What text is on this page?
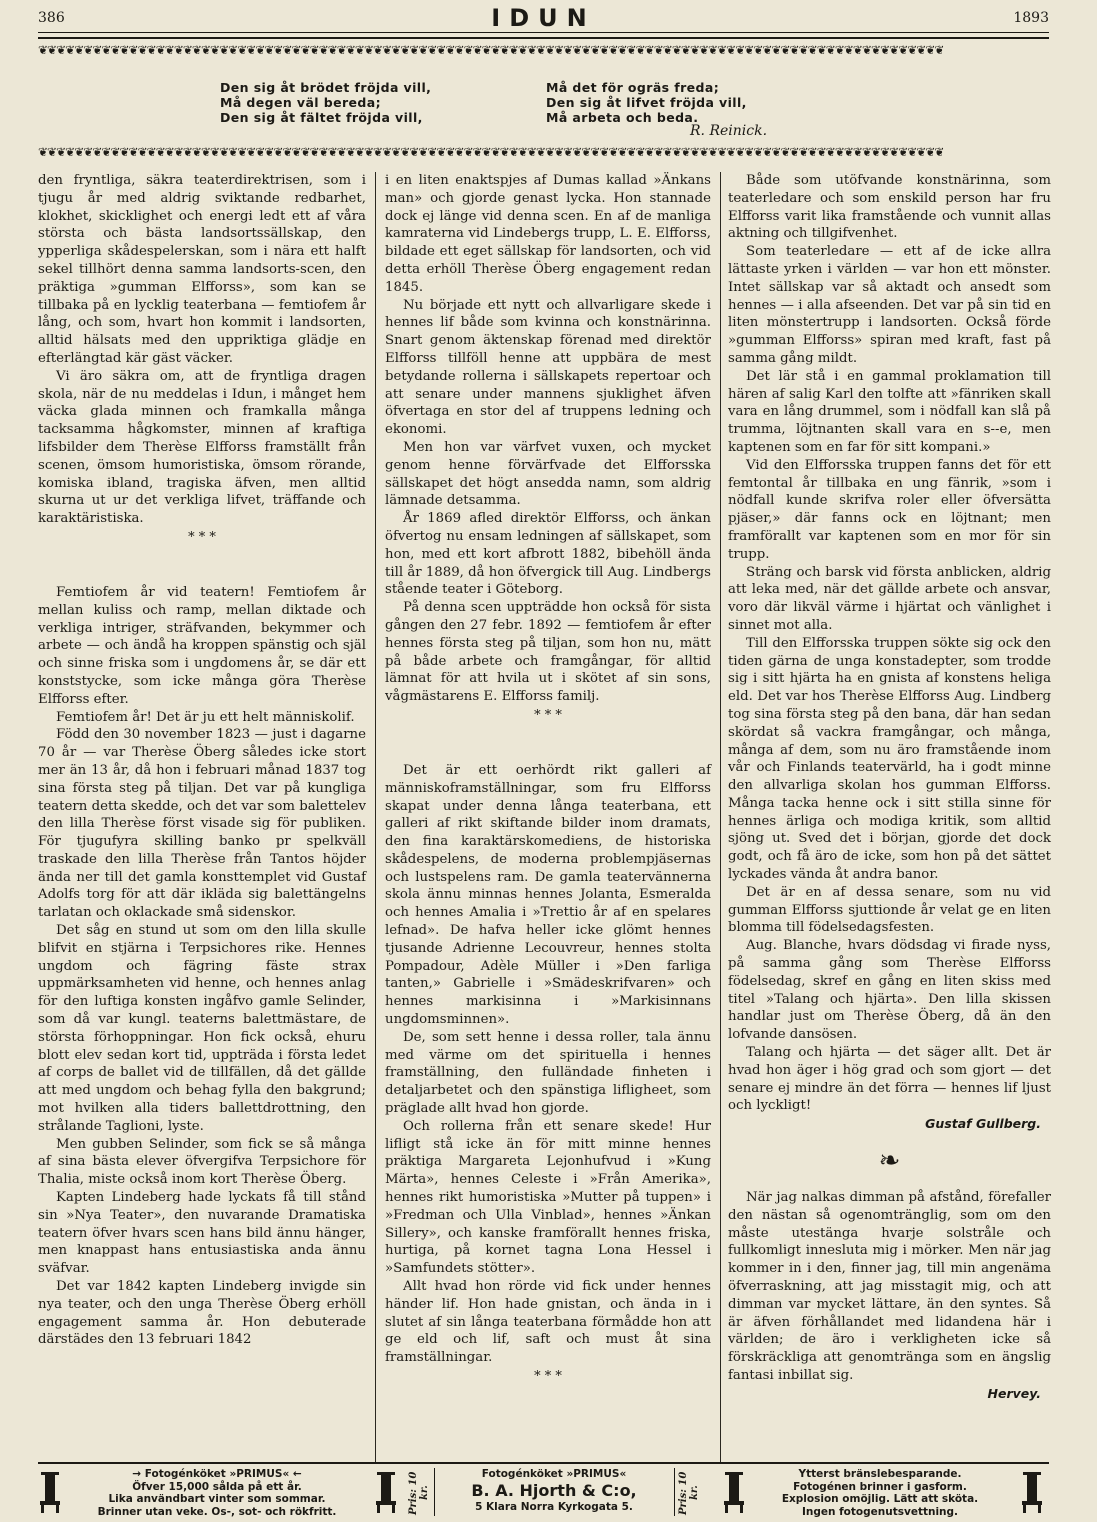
386	IDUN	1893
❦❦❦❦❦❦❦❦❦❦❦❦❦❦❦❦❦❦❦❦❦❦❦❦❦❦❦❦❦❦❦❦❦❦❦❦❦❦❦❦❦❦❦❦❦❦❦❦❦❦❦❦❦❦❦❦❦❦❦❦❦❦❦❦❦❦❦❦❦❦❦❦❦❦❦❦❦❦❦❦❦❦❦❦❦❦❦❦❦❦❦❦❦❦❦❦❦❦❦❦
Den sig åt brödet fröjda vill,
Må degen väl bereda;
Den sig åt fältet fröjda vill,
Må det för ogräs freda;
Den sig åt lifvet fröjda vill,
Må arbeta och beda.
R. Reinick.
❦❦❦❦❦❦❦❦❦❦❦❦❦❦❦❦❦❦❦❦❦❦❦❦❦❦❦❦❦❦❦❦❦❦❦❦❦❦❦❦❦❦❦❦❦❦❦❦❦❦❦❦❦❦❦❦❦❦❦❦❦❦❦❦❦❦❦❦❦❦❦❦❦❦❦❦❦❦❦❦❦❦❦❦❦❦❦❦❦❦❦❦❦❦❦❦❦❦❦❦

den fryntliga, säkra teaterdirektrisen, som i tjugu år med aldrig sviktande redbarhet, klokhet, skicklighet och energi ledt ett af våra största och bästa landsortssällskap, den ypperliga skådespelerskan, som i nära ett halft sekel tillhört denna samma landsorts-scen, den präktiga »gumman Elfforss», som kan se tillbaka på en lycklig teaterbana — femtiofem år lång, och som, hvart hon kommit i landsorten, alltid hälsats med den uppriktiga glädje en efterlängtad kär gäst väcker.

Vi äro säkra om, att de fryntliga dragen skola, när de nu meddelas i Idun, i månget hem väcka glada minnen och framkalla många tacksamma hågkomster, minnen af kraftiga lifsbilder dem Therèse Elfforss framställt från scenen, ömsom humoristiska, ömsom rörande, komiska ibland, tragiska äfven, men alltid skurna ut ur det verkliga lifvet, träffande och karaktäristiska.

* * *

Femtiofem år vid teatern! Femtiofem år mellan kuliss och ramp, mellan diktade och verkliga intriger, sträfvanden, bekymmer och arbete — och ändå ha kroppen spänstig och själ och sinne friska som i ungdomens år, se där ett konststycke, som icke många göra Therèse Elfforss efter.

Femtiofem år! Det är ju ett helt människolif.

Född den 30 november 1823 — just i dagarne 70 år — var Therèse Öberg således icke stort mer än 13 år, då hon i februari månad 1837 tog sina första steg på tiljan. Det var på kungliga teatern detta skedde, och det var som balettelev den lilla Therèse först visade sig för publiken. För tjugufyra skilling banko pr spelkväll traskade den lilla Therèse från Tantos höjder ända ner till det gamla konsttemplet vid Gustaf Adolfs torg för att där ikläda sig balettängelns tarlatan och oklackade små sidenskor.

Det såg en stund ut som om den lilla skulle blifvit en stjärna i Terpsichores rike. Hennes ungdom och fägring fäste strax uppmärksamheten vid henne, och hennes anlag för den luftiga konsten ingåfvo gamle Selinder, som då var kungl. teaterns balettmästare, de största förhoppningar. Hon fick också, ehuru blott elev sedan kort tid, uppträda i första ledet af corps de ballet vid de tillfällen, då det gällde att med ungdom och behag fylla den bakgrund; mot hvilken alla tiders ballettdrottning, den strålande Taglioni, lyste.

Men gubben Selinder, som fick se så många af sina bästa elever öfvergifva Terpsichore för Thalia, miste också inom kort Therèse Öberg.

Kapten Lindeberg hade lyckats få till stånd sin »Nya Teater», den nuvarande Dramatiska teatern öfver hvars scen hans bild ännu hänger, men knappast hans entusiastiska anda ännu sväfvar.

Det var 1842 kapten Lindeberg invigde sin nya teater, och den unga Therèse Öberg erhöll engagement samma år. Hon debuterade därstädes den 13 februari 1842

i en liten enaktspjes af Dumas kallad »Änkans man» och gjorde genast lycka. Hon stannade dock ej länge vid denna scen. En af de manliga kamraterna vid Lindebergs trupp, L. E. Elfforss, bildade ett eget sällskap för landsorten, och vid detta erhöll Therèse Öberg engagement redan 1845.

Nu började ett nytt och allvarligare skede i hennes lif både som kvinna och konstnärinna. Snart genom äktenskap förenad med direktör Elfforss tillföll henne att uppbära de mest betydande rollerna i sällskapets repertoar och att senare under mannens sjuklighet äfven öfvertaga en stor del af truppens ledning och ekonomi.

Men hon var värfvet vuxen, och mycket genom henne förvärfvade det Elfforsska sällskapet det högt ansedda namn, som aldrig lämnade detsamma.

År 1869 afled direktör Elfforss, och änkan öfvertog nu ensam ledningen af sällskapet, som hon, med ett kort afbrott 1882, bibehöll ända till år 1889, då hon öfvergick till Aug. Lindbergs stående teater i Göteborg.

På denna scen uppträdde hon också för sista gången den 27 febr. 1892 — femtiofem år efter hennes första steg på tiljan, som hon nu, mätt på både arbete och framgångar, för alltid lämnat för att hvila ut i skötet af sin sons, vågmästarens E. Elfforss familj.

* * *

Det är ett oerhördt rikt galleri af människoframställningar, som fru Elfforss skapat under denna långa teaterbana, ett galleri af rikt skiftande bilder inom dramats, den fina karaktärskomediens, de historiska skådespelens, de moderna problempjäsernas och lustspelens ram. De gamla teatervännerna skola ännu minnas hennes Jolanta, Esmeralda och hennes Amalia i »Trettio år af en spelares lefnad». De hafva heller icke glömt hennes tjusande Adrienne Lecouvreur, hennes stolta Pompadour, Adèle Müller i »Den farliga tanten,» Gabrielle i »Smädeskrifvaren» och hennes markisinna i »Markisinnans ungdomsminnen».

De, som sett henne i dessa roller, tala ännu med värme om det spirituella i hennes framställning, den fulländade finheten i detaljarbetet och den spänstiga lifligheet, som präglade allt hvad hon gjorde.

Och rollerna från ett senare skede! Hur lifligt stå icke än för mitt minne hennes präktiga Margareta Lejonhufvud i »Kung Märta», hennes Celeste i »Från Amerika», hennes rikt humoristiska »Mutter på tuppen» i »Fredman och Ulla Vinblad», hennes »Änkan Sillery», och kanske framförallt hennes friska, hurtiga, på kornet tagna Lona Hessel i »Samfundets stötter».

Allt hvad hon rörde vid fick under hennes händer lif. Hon hade gnistan, och ända in i slutet af sin långa teaterbana förmådde hon att ge eld och lif, saft och must åt sina framställningar.

* * *

Både som utöfvande konstnärinna, som teaterledare och som enskild person har fru Elfforss varit lika framstående och vunnit allas aktning och tillgifvenhet.

Som teaterledare — ett af de icke allra lättaste yrken i världen — var hon ett mönster. Intet sällskap var så aktadt och ansedt som hennes — i alla afseenden. Det var på sin tid en liten mönstertrupp i landsorten. Också förde »gumman Elfforss» spiran med kraft, fast på samma gång mildt.

Det lär stå i en gammal proklamation till hären af salig Karl den tolfte att »fänriken skall vara en lång drummel, som i nödfall kan slå på trumma, löjtnanten skall vara en s--e, men kaptenen som en far för sitt kompani.»

Vid den Elfforsska truppen fanns det för ett femtontal år tillbaka en ung fänrik, »som i nödfall kunde skrifva roler eller öfversätta pjäser,» där fanns ock en löjtnant; men framförallt var kaptenen som en mor för sin trupp.

Sträng och barsk vid första anblicken, aldrig att leka med, när det gällde arbete och ansvar, voro där likväl värme i hjärtat och vänlighet i sinnet mot alla.

Till den Elfforsska truppen sökte sig ock den tiden gärna de unga konstadepter, som trodde sig i sitt hjärta ha en gnista af konstens heliga eld. Det var hos Therèse Elfforss Aug. Lindberg tog sina första steg på den bana, där han sedan skördat så vackra framgångar, och många, många af dem, som nu äro framstående inom vår och Finlands teatervärld, ha i godt minne den allvarliga skolan hos gumman Elfforss. Många tacka henne ock i sitt stilla sinne för hennes ärliga och modiga kritik, som alltid sjöng ut. Sved det i början, gjorde det dock godt, och få äro de icke, som hon på det sättet lyckades vända åt andra banor.

Det är en af dessa senare, som nu vid gumman Elfforss sjuttionde år velat ge en liten blomma till födelsedagsfesten.

Aug. Blanche, hvars dödsdag vi firade nyss, på samma gång som Therèse Elfforss födelsedag, skref en gång en liten skiss med titel »Talang och hjärta». Den lilla skissen handlar just om Therèse Öberg, då än den lofvande dansösen.

Talang och hjärta — det säger allt. Det är hvad hon äger i hög grad och som gjort — det senare ej mindre än det förra — hennes lif ljust och lyckligt!

Gustaf Gullberg.

❧

När jag nalkas dimman på afstånd, förefaller den nästan så ogenomtränglig, som om den måste utestänga hvarje solstråle och fullkomligt innesluta mig i mörker. Men när jag kommer in i den, finner jag, till min angenäma öfverraskning, att jag misstagit mig, och att dimman var mycket lättare, än den syntes. Så är äfven förhållandet med lidandena här i världen; de äro i verkligheten icke så förskräckliga att genomtränga som en ängslig fantasi inbillat sig.

Hervey.

→ Fotogénköket »PRIMUS« ←
Öfver 15,000 sålda på ett år.
Lika användbart vinter som sommar.
Brinner utan veke. Os-, sot- och rökfritt.	Pris: 10 kr.
Fotogénköket »PRIMUS«
B. A. Hjorth & C:o,
5 Klara Norra Kyrkogata 5.	Pris: 10 kr.
Ytterst bränslebesparande.
Fotogénen brinner i gasform.
Explosion omöjlig. Lätt att sköta.
Ingen fotogenutsvettning.
